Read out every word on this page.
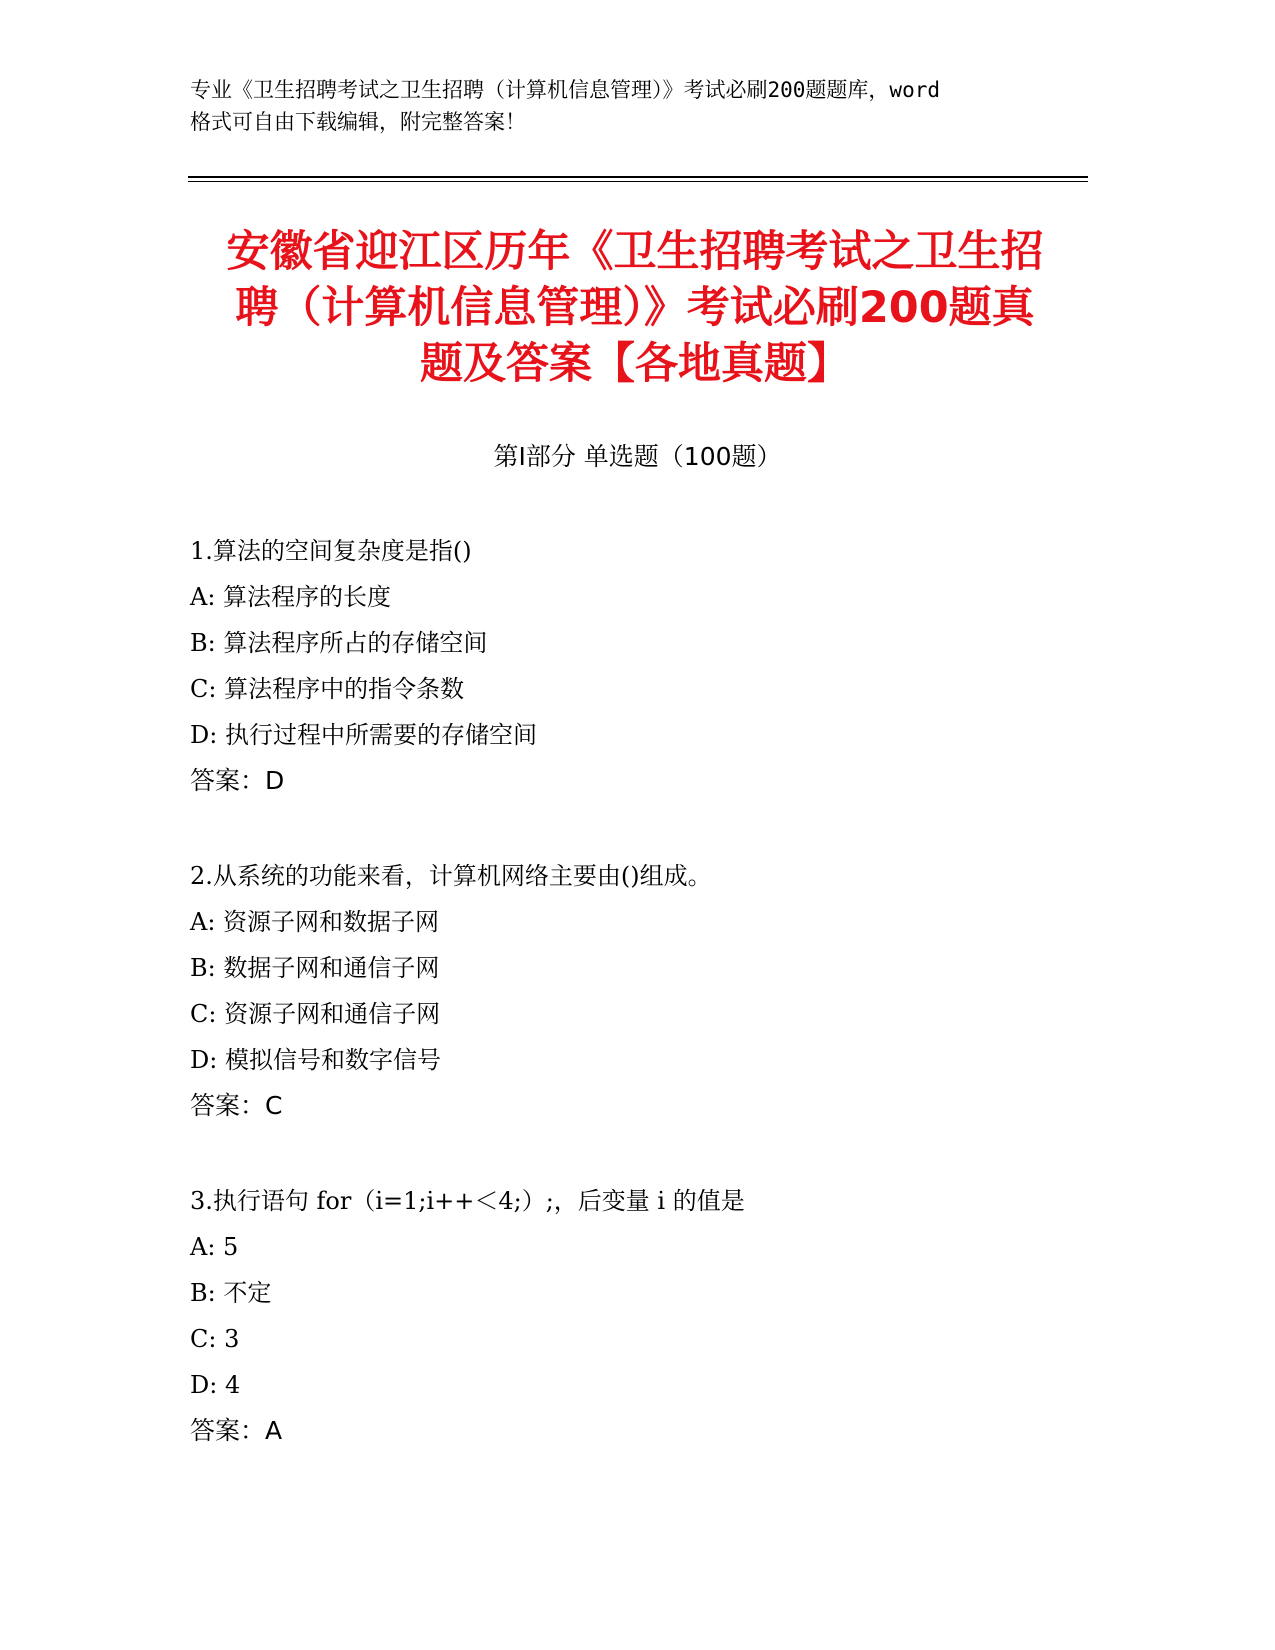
专业《卫生招聘考试之卫生招聘（计算机信息管理）》考试必刷200题题库，word
格式可自由下载编辑，附完整答案！
安徽省迎江区历年《卫生招聘考试之卫生招
聘（计算机信息管理）》考试必刷200题真
题及答案【各地真题】
第Ⅰ部分 单选题（100题）
1.算法的空间复杂度是指()
A: 算法程序的长度
B: 算法程序所占的存储空间
C: 算法程序中的指令条数
D: 执行过程中所需要的存储空间
答案：D
2.从系统的功能来看，计算机网络主要由()组成。
A: 资源子网和数据子网
B: 数据子网和通信子网
C: 资源子网和通信子网
D: 模拟信号和数字信号
答案：C
3.执行语句 for（i=1;i++＜4;）;，后变量 i 的值是
A: 5
B: 不定
C: 3
D: 4
答案：A
